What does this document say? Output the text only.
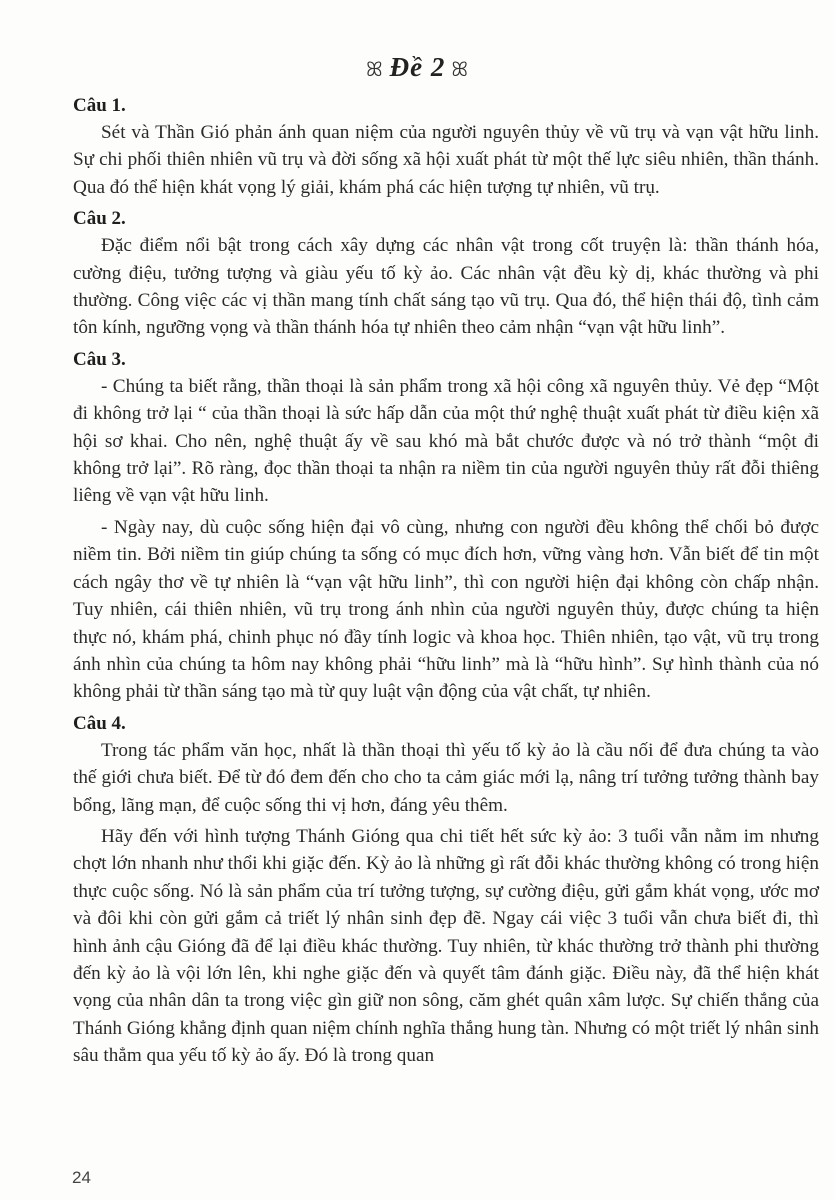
ꕤ Đề 2 ꕤ

Câu 1.

Sét và Thần Gió phản ánh quan niệm của người nguyên thủy về vũ trụ và vạn vật hữu linh. Sự chi phối thiên nhiên vũ trụ và đời sống xã hội xuất phát từ một thế lực siêu nhiên, thần thánh. Qua đó thể hiện khát vọng lý giải, khám phá các hiện tượng tự nhiên, vũ trụ.

Câu 2.

Đặc điểm nổi bật trong cách xây dựng các nhân vật trong cốt truyện là: thần thánh hóa, cường điệu, tưởng tượng và giàu yếu tố kỳ ảo. Các nhân vật đều kỳ dị, khác thường và phi thường. Công việc các vị thần mang tính chất sáng tạo vũ trụ. Qua đó, thể hiện thái độ, tình cảm tôn kính, ngưỡng vọng và thần thánh hóa tự nhiên theo cảm nhận “vạn vật hữu linh”.

Câu 3.

- Chúng ta biết rằng, thần thoại là sản phẩm trong xã hội công xã nguyên thủy. Vẻ đẹp “Một đi không trở lại “ của thần thoại là sức hấp dẫn của một thứ nghệ thuật xuất phát từ điều kiện xã hội sơ khai. Cho nên, nghệ thuật ấy về sau khó mà bắt chước được và nó trở thành “một đi không trở lại”. Rõ ràng, đọc thần thoại ta nhận ra niềm tin của người nguyên thủy rất đỗi thiêng liêng về vạn vật hữu linh.

- Ngày nay, dù cuộc sống hiện đại vô cùng, nhưng con người đều không thể chối bỏ được niềm tin. Bởi niềm tin giúp chúng ta sống có mục đích hơn, vững vàng hơn. Vẫn biết để tin một cách ngây thơ về tự nhiên là “vạn vật hữu linh”, thì con người hiện đại không còn chấp nhận. Tuy nhiên, cái thiên nhiên, vũ trụ trong ánh nhìn của người nguyên thủy, được chúng ta hiện thực nó, khám phá, chinh phục nó đầy tính logic và khoa học. Thiên nhiên, tạo vật, vũ trụ trong ánh nhìn của chúng ta hôm nay không phải “hữu linh” mà là “hữu hình”. Sự hình thành của nó không phải từ thần sáng tạo mà từ quy luật vận động của vật chất, tự nhiên.

Câu 4.

Trong tác phẩm văn học, nhất là thần thoại thì yếu tố kỳ ảo là cầu nối để đưa chúng ta vào thế giới chưa biết. Để từ đó đem đến cho cho ta cảm giác mới lạ, nâng trí tưởng tưởng thành bay bổng, lãng mạn, để cuộc sống thi vị hơn, đáng yêu thêm.

Hãy đến với hình tượng Thánh Gióng qua chi tiết hết sức kỳ ảo: 3 tuổi vẫn nằm im nhưng chợt lớn nhanh như thổi khi giặc đến. Kỳ ảo là những gì rất đỗi khác thường không có trong hiện thực cuộc sống. Nó là sản phẩm của trí tưởng tượng, sự cường điệu, gửi gắm khát vọng, ước mơ và đôi khi còn gửi gắm cả triết lý nhân sinh đẹp đẽ. Ngay cái việc 3 tuổi vẫn chưa biết đi, thì hình ảnh cậu Gióng đã để lại điều khác thường. Tuy nhiên, từ khác thường trở thành phi thường đến kỳ ảo là vội lớn lên, khi nghe giặc đến và quyết tâm đánh giặc. Điều này, đã thể hiện khát vọng của nhân dân ta trong việc gìn giữ non sông, căm ghét quân xâm lược. Sự chiến thắng của Thánh Gióng khẳng định quan niệm chính nghĩa thắng hung tàn. Nhưng có một triết lý nhân sinh sâu thẳm qua yếu tố kỳ ảo ấy. Đó là trong quan

24
